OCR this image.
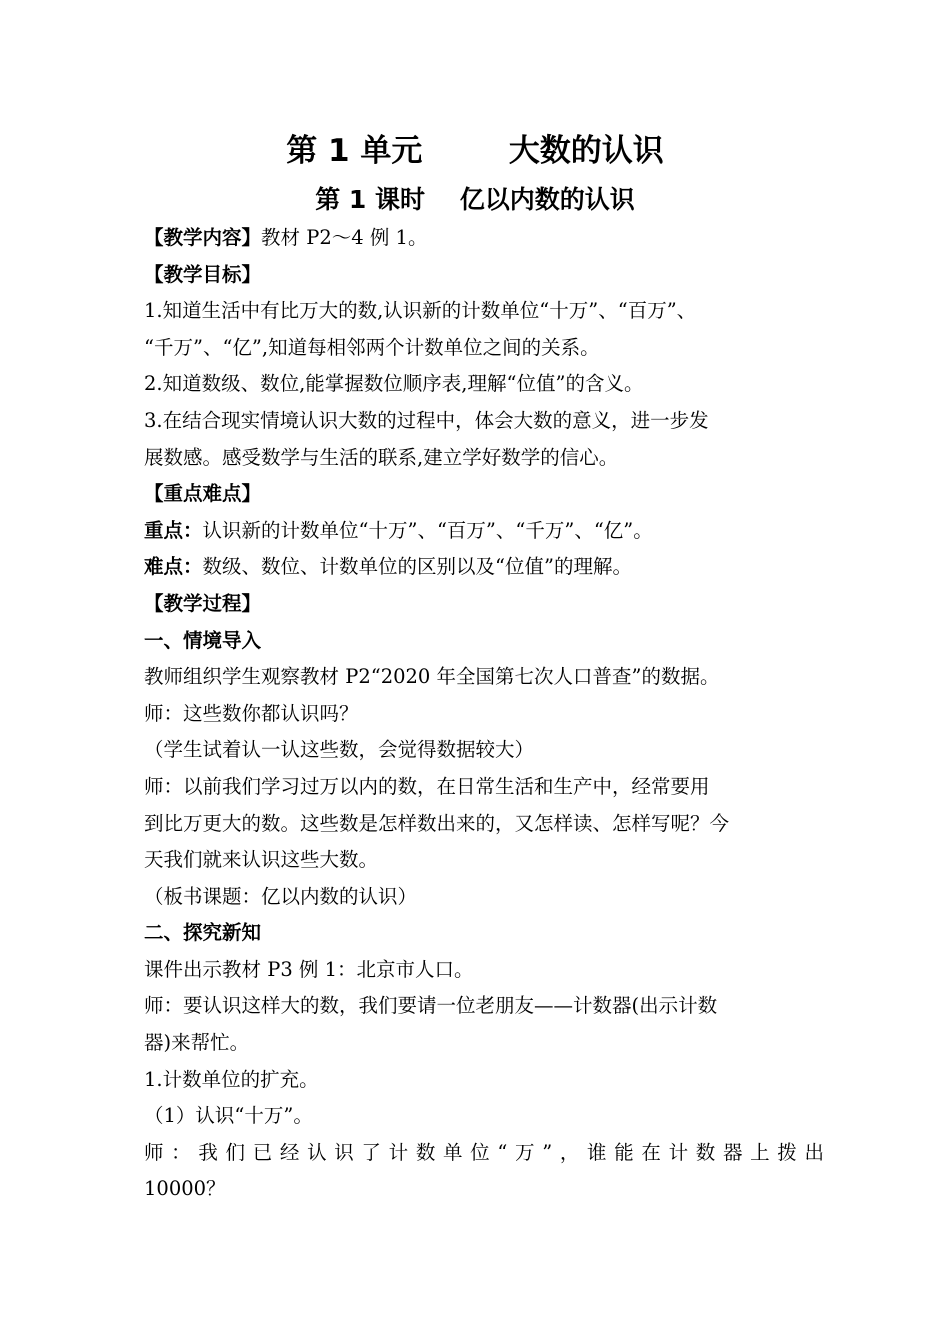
第 1 单元        大数的认识
第 1 课时    亿以内数的认识
【教学内容】教材 P2～4 例 1。
【教学目标】
1.知道生活中有比万大的数,认识新的计数单位“十万”、“百万”、
“千万”、“亿”,知道每相邻两个计数单位之间的关系。
2.知道数级、数位,能掌握数位顺序表,理解“位值”的含义。
3.在结合现实情境认识大数的过程中，体会大数的意义，进一步发
展数感。感受数学与生活的联系,建立学好数学的信心。
【重点难点】
重点：认识新的计数单位“十万”、“百万”、“千万”、“亿”。
难点：数级、数位、计数单位的区别以及“位值”的理解。
【教学过程】
一、情境导入
教师组织学生观察教材 P2“2020 年全国第七次人口普查”的数据。
师：这些数你都认识吗？
（学生试着认一认这些数，会觉得数据较大）
师：以前我们学习过万以内的数，在日常生活和生产中，经常要用
到比万更大的数。这些数是怎样数出来的，又怎样读、怎样写呢？今
天我们就来认识这些大数。
（板书课题：亿以内数的认识）
二、探究新知
课件出示教材 P3 例 1：北京市人口。
师：要认识这样大的数，我们要请一位老朋友——计数器(出示计数
器)来帮忙。
1.计数单位的扩充。
（1）认识“十万”。
师：我们已经认识了计数单位“万”，谁能在计数器上拨出
10000？
